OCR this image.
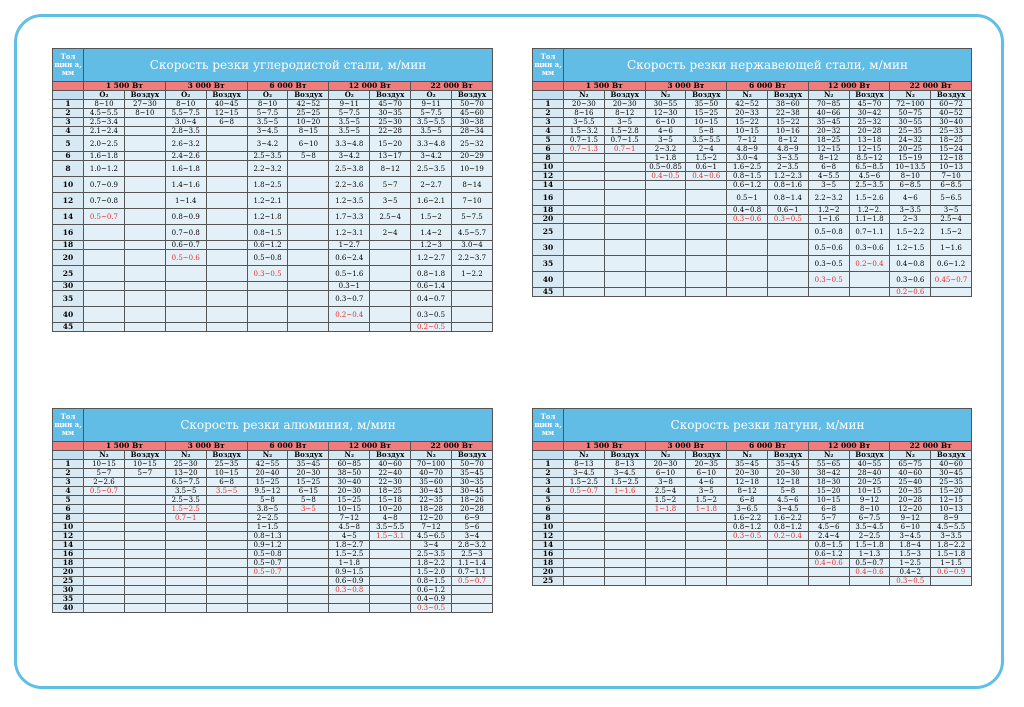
Тол щин а, мм	Скорость резки углеродистой стали, м/мин									
	1 500 Вт		3 000 Вт		6 000 Вт		12 000 Вт		22 000 Вт	
	O₂	Воздух	O₂	Воздух	O₂	Воздух	O₂	Воздух	O₂	Воздух
1	8~10	27~30	8~10	40~45	8~10	42~52	9~11	45~70	9~11	50~70
2	4.5~5.5	8~10	5.5~7.5	12~15	5~7.5	25~25	5~7.5	30~35	5~7.5	45~60
3	2.5~3.4		3.0~4	6~8	3.5~5	10~20	3.5~5	25~30	3.5~5.5	30~38
4	2.1~2.4		2.8~3.5		3~4.5	8~15	3.5~5	22~28	3.5~5	28~34
5	2.0~2.5		2.6~3.2		3~4.2	6~10	3.3~4.8	15~20	3.3~4.8	25~32
6	1.6~1.8		2.4~2.6		2.5~3.5	5~8	3~4.2	13~17	3~4.2	20~29
8	1.0~1.2		1.6~1.8		2.2~3.2		2.5~3.8	8~12	2.5~3.5	10~19
10	0.7~0.9		1.4~1.6		1.8~2.5		2.2~3.6	5~7	2~2.7	8~14
12	0.7~0.8		1~1.4		1.2~2.1		1.2~3.5	3~5	1.6~2.1	7~10
14	0.5~0.7		0.8~0.9		1.2~1.8		1.7~3.3	2.5~4	1.5~2	5~7.5
16			0.7~0.8		0.8~1.5		1.2~3.1	2~4	1.4~2	4.5~5.7
18			0.6~0.7		0.6~1.2		1~2.7		1.2~3	3.0~4
20			0.5~0.6		0.5~0.8		0.6~2.4		1.2~2.7	2.2~3.7
25					0.3~0.5		0.5~1.6		0.8~1.8	1~2.2
30							0.3~1		0.6~1.4	
35							0.3~0.7		0.4~0.7	
40							0.2~0.4		0.3~0.5	
45									0.2~0.5	
Тол щин а, мм	Скорость резки нержавеющей стали, м/мин									
	1 500 Вт		3 000 Вт		6 000 Вт		12 000 Вт		22 000 Вт	
	N₂	Воздух	N₂	Воздух	N₂	Воздух	N₂	Воздух	N₂	Воздух
1	20~30	20~30	30~55	35~50	42~52	38~60	70~85	45~70	72~100	60~72
2	8~16	8~12	12~30	15~25	20~33	22~38	40~66	30~42	50~75	40~52
3	3~5.5	3~5	6~10	10~15	15~22	15~22	35~45	25~32	30~55	30~40
4	1.5~3.2	1.5~2.8	4~6	5~8	10~15	10~16	20~32	20~28	25~35	25~33
5	0.7~1.5	0.7~1.5	3~5	3.5~5.5	7~12	8~12	18~25	13~18	24~32	18~25
6	0.7~1.3	0.7~1	2~3.2	2~4	4.8~9	4.8~9	12~15	12~15	20~25	15~24
8			1~1.8	1.5~2	3.0~4	3~3.5	8~12	8.5~12	15~19	12~18
10			0.5~0.85	0.6~1	1.6~2.5	2~3.5	6~8	6.5~8.5	10~13.5	10~13
12			0.4~0.5	0.4~0.6	0.8~1.5	1.2~2.3	4~5.5	4.5~6	8~10	7~10
14					0.6~1.2	0.8~1.6	3~5	2.5~3.5	6~8.5	6~8.5
16					0.5~1	0.8~1.4	2.2~3.2	1.5~2.6	4~6	5~6.5
18					0.4~0.8	0.6~1	1.2~2	1.2~2.	3~3.5	3~5
20					0.3~0.6	0.3~0.5	1~1.6	1.1~1.8	2~3	2.5~4
25							0.5~0.8	0.7~1.1	1.5~2.2	1.5~2
30							0.5~0.6	0.3~0.6	1.2~1.5	1~1.6
35							0.3~0.5	0.2~0.4	0.4~0.8	0.6~1.2
40							0.3~0.5		0.3~0.6	0.45~0.7
45									0.2~0.6	
Тол щин а, мм	Скорость резки алюминия, м/мин									
	1 500 Вт		3 000 Вт		6 000 Вт		12 000 Вт		22 000 Вт	
	N₂	Воздух	N₂	Воздух	N₂	Воздух	N₂	Воздух	N₂	Воздух
1	10~15	10~15	25~30	25~35	42~55	35~45	60~85	40~60	70~100	50~70
2	5~7	5~7	13~20	10~15	20~40	20~30	38~50	22~40	40~70	35~45
3	2~2.6		6.5~7.5	6~8	15~25	15~25	30~40	22~30	35~60	30~35
4	0.5~0.7		3.5~5	3.5~5	9.5~12	6~15	20~30	18~25	30~43	30~45
5			2.5~3.5		5~8	5~8	15~25	15~18	22~35	18~26
6			1.5~2.5		3.8~5	3~5	10~15	10~20	18~28	20~28
8			0.7~1		2~2.5		7~12	4~8	12~20	6~9
10					1~1.5		4.5~8	3.5~5.5	7~12	5~6
12					0.8~1.3		4~5	1.5~3.1	4.5~6.5	3~4
14					0.9~1.2		1.8~2.7		3~4	2.8~3.2
16					0.5~0.8		1.5~2.5		2.5~3.5	2.5~3
18					0.5~0.7		1~1.8		1.8~2.2	1.1~1.4
20					0.5~0.7		0.9~1.5		1.5~2.0	0.7~1.1
25							0.6~0.9		0.8~1.5	0.5~0.7
30							0.3~0.8		0.6~1.2	
35									0.4~0.9	
40									0.3~0.5	
Тол щин а, мм	Скорость резки латуни, м/мин									
	1 500 Вт		3 000 Вт		6 000 Вт		12 000 Вт		22 000 Вт	
	N₂	Воздух	N₂	Воздух	N₂	Воздух	N₂	Воздух	N₂	Воздух
1	8~13	8~13	20~30	20~35	35~45	35~45	55~65	40~55	65~75	40~60
2	3~4.5	3~4.5	6~10	6~10	20~30	20~30	38~42	28~40	40~60	30~45
3	1.5~2.5	1.5~2.5	3~8	4~6	12~18	12~18	18~30	20~25	25~40	25~35
4	0.5~0.7	1~1.6	2.5~4	3~5	8~12	5~8	15~20	10~15	20~35	15~20
5			1.5~2	1.5~2	6~8	4.5~6	10~15	9~12	20~28	12~15
6			1~1.8	1~1.8	3~6.5	3~4.5	6~8	8~10	12~20	10~13
8					1.6~2.2	1.6~2.2	5~7	6~7.5	9~12	8~9
10					0.8~1.2	0.8~1.2	4.5~6	3.5~4.5	6~10	4.5~5.5
12					0.3~0.5	0.2~0.4	2.4~4	2~2.5	3~4.5	3~3.5
14							0.8~1.5	1.5~1.8	1.8~4	1.8~2.2
16							0.6~1.2	1~1.3	1.5~3	1.5~1.8
18							0.4~0.6	0.5~0.7	1~2.5	1~1.5
20								0.4~0.6	0.4~2	0.6~0.9
25									0.3~0.5	
